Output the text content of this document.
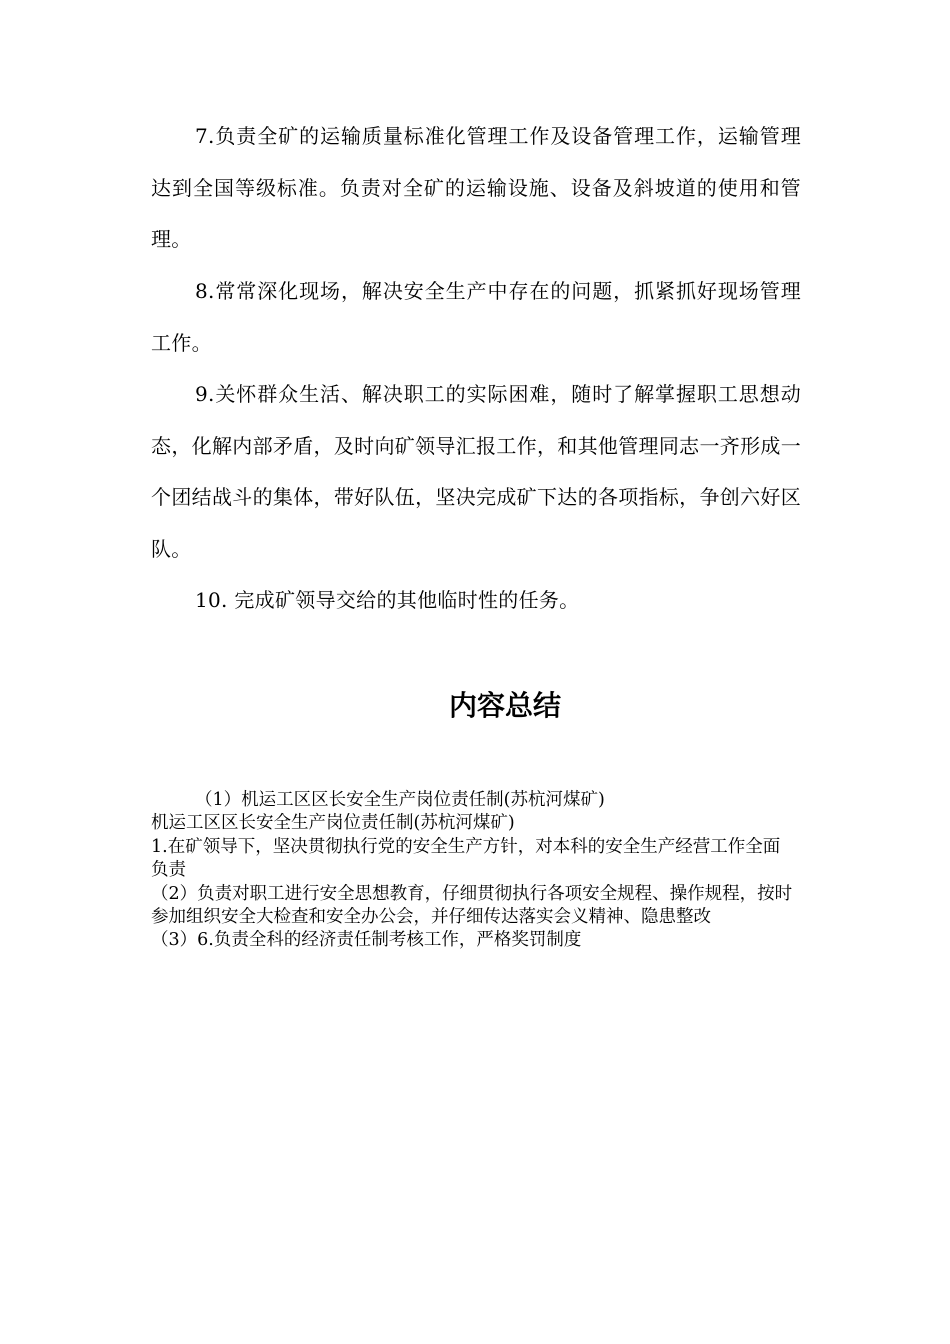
7.负责全矿的运输质量标准化管理工作及设备管理工作，运输管理达到全国等级标准。负责对全矿的运输设施、设备及斜坡道的使用和管理。

8.常常深化现场，解决安全生产中存在的问题，抓紧抓好现场管理工作。

9.关怀群众生活、解决职工的实际困难，随时了解掌握职工思想动态，化解内部矛盾，及时向矿领导汇报工作，和其他管理同志一齐形成一个团结战斗的集体，带好队伍，坚决完成矿下达的各项指标，争创六好区队。

10. 完成矿领导交给的其他临时性的任务。

内容总结

（1）机运工区区长安全生产岗位责任制(苏杭河煤矿)

机运工区区长安全生产岗位责任制(苏杭河煤矿)

1.在矿领导下，坚决贯彻执行党的安全生产方针，对本科的安全生产经营工作全面负责

（2）负责对职工进行安全思想教育，仔细贯彻执行各项安全规程、操作规程，按时参加组织安全大检查和安全办公会，并仔细传达落实会义精神、隐患整改

（3）6.负责全科的经济责任制考核工作，严格奖罚制度
